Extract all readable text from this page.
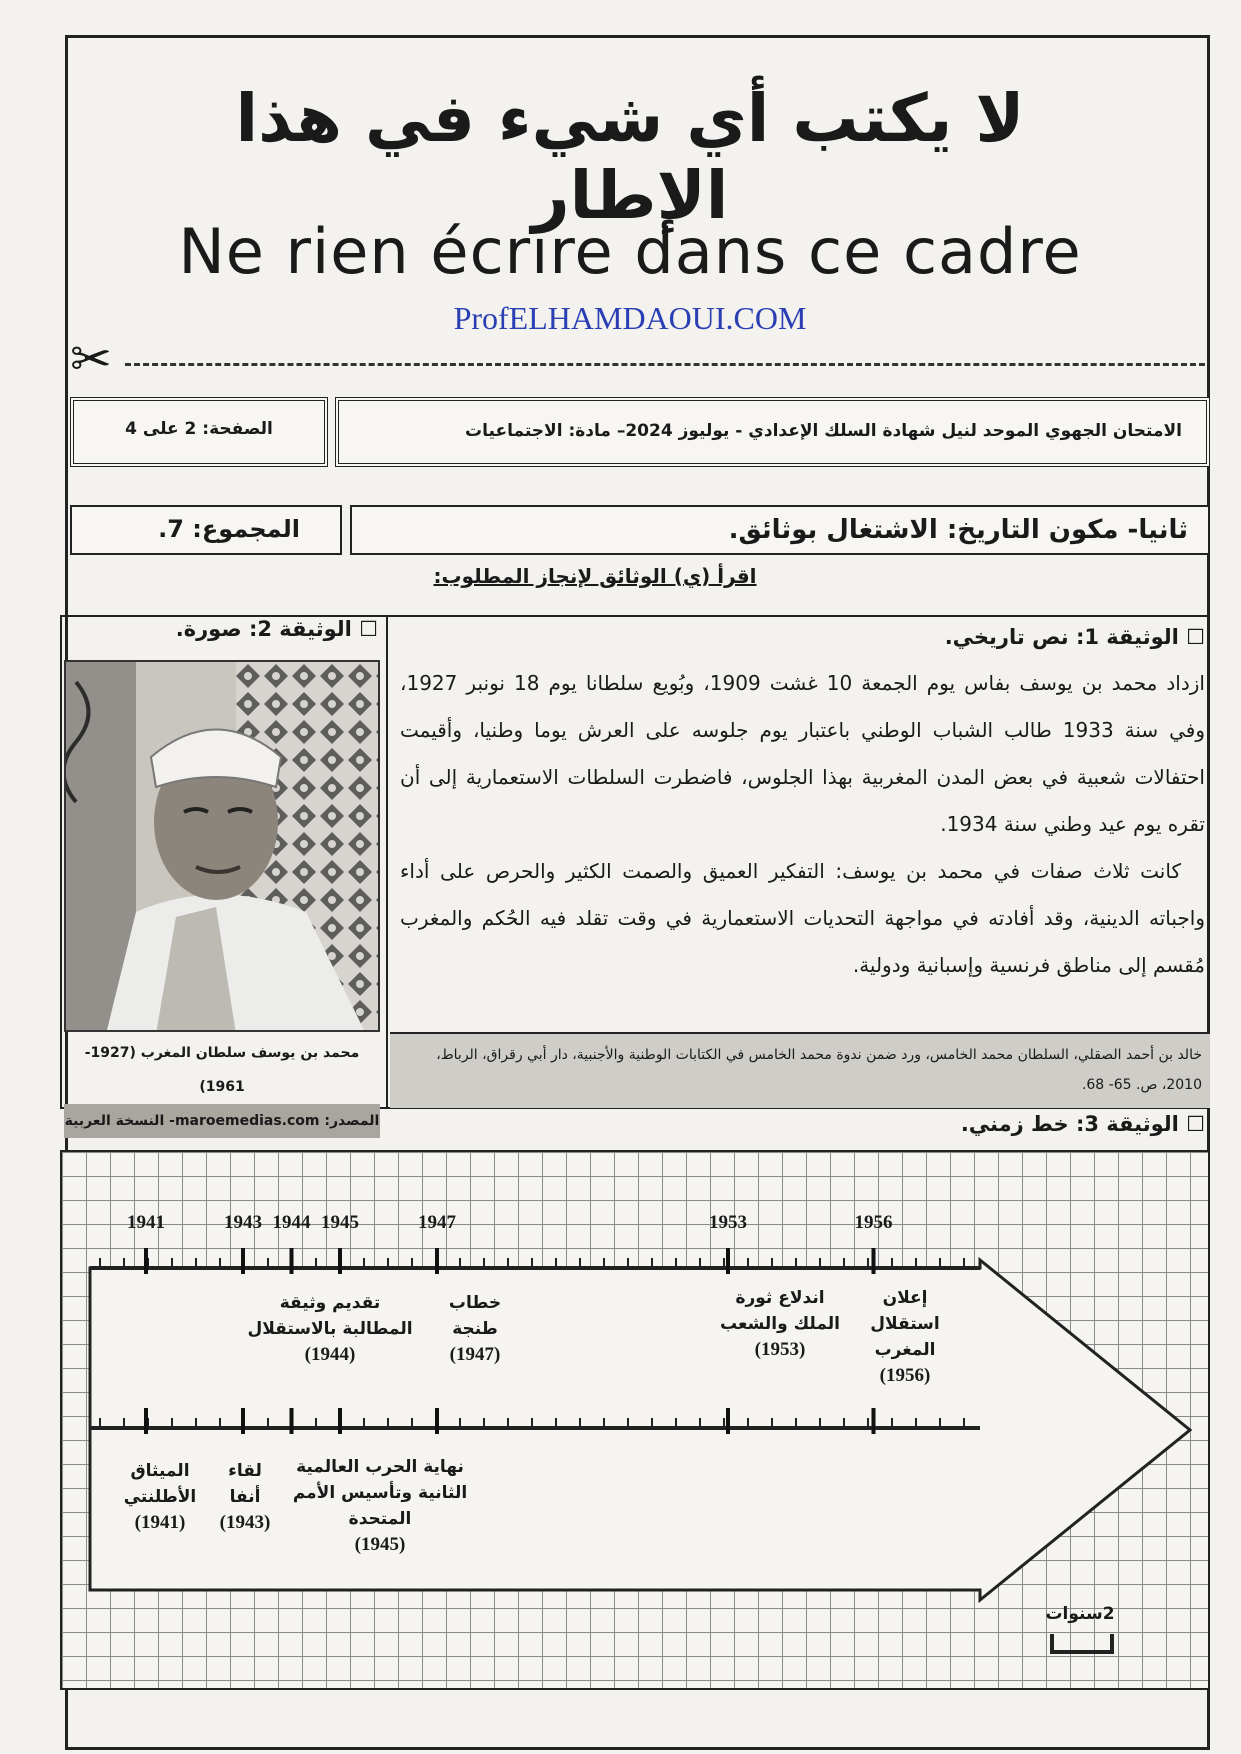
لا يكتب أي شيء في هذا الإطار
Ne rien écrire dans ce cadre
ProfELHAMDAOUI.COM
✂
الصفحة: 2 على 4	الامتحان الجهوي الموحد لنيل شهادة السلك الإعدادي - يوليوز 2024– مادة: الاجتماعيات
المجموع: 7.	ثانيا- مكون التاريخ: الاشتغال بوثائق.
اقرأ (ي) الوثائق لإنجاز المطلوب:
☐ الوثيقة 2: صورة.
محمد بن يوسف سلطان المغرب (1927-1961)
المصدر: maroemedias.com- النسخة العربية
☐ الوثيقة 1: نص تاريخي.
ازداد محمد بن يوسف بفاس يوم الجمعة 10 غشت 1909، وبُويع سلطانا يوم 18 نونبر 1927، وفي سنة 1933 طالب الشباب الوطني باعتبار يوم جلوسه على العرش يوما وطنيا، وأقيمت احتفالات شعبية في بعض المدن المغربية بهذا الجلوس، فاضطرت السلطات الاستعمارية إلى أن تقره يوم عيد وطني سنة 1934.
كانت ثلاث صفات في محمد بن يوسف: التفكير العميق والصمت الكثير والحرص على أداء واجباته الدينية، وقد أفادته في مواجهة التحديات الاستعمارية في وقت تقلد فيه الحُكم والمغرب مُقسم إلى مناطق فرنسية وإسبانية ودولية.
خالد بن أحمد الصقلي، السلطان محمد الخامس، ورد ضمن ندوة محمد الخامس في الكتابات الوطنية والأجنبية، دار أبي رقراق، الرباط، 2010، ص. 65- 68.
☐ الوثيقة 3: خط زمني.
1941	1943 1944 1945	1947	1953	1956
تقديم وثيقة
المطالبة بالاستقلال
(1944)
خطاب
طنجة
(1947)
اندلاع ثورة
الملك والشعب
(1953)
إعلان استقلال
المغرب
(1956)
الميثاق
الأطلنتي
(1941)
لقاء
أنفا
(1943)
نهاية الحرب العالمية
الثانية وتأسيس الأمم
المتحدة
(1945)
2سنوات
